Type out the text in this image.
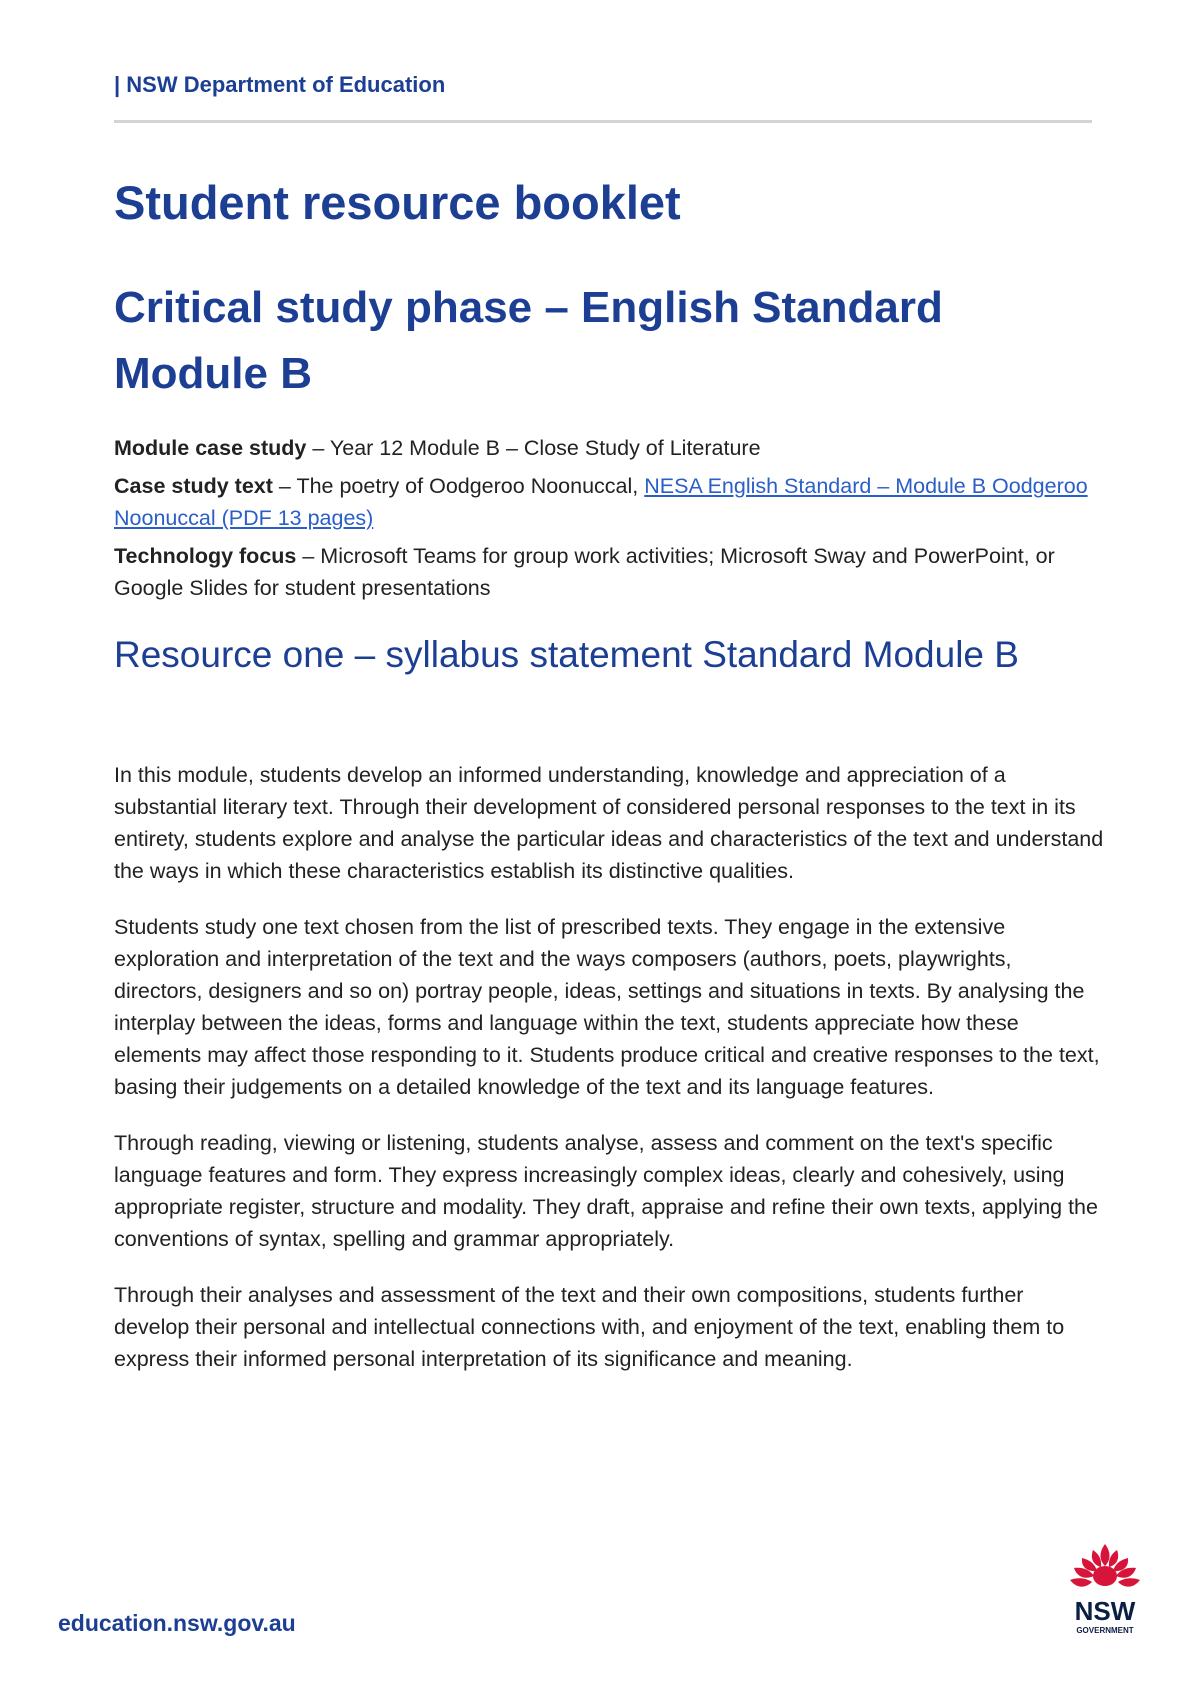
| NSW Department of Education
Student resource booklet
Critical study phase – English Standard Module B

Module case study – Year 12 Module B – Close Study of Literature

Case study text – The poetry of Oodgeroo Noonuccal, NESA English Standard – Module B Oodgeroo Noonuccal (PDF 13 pages)

Technology focus – Microsoft Teams for group work activities; Microsoft Sway and PowerPoint, or Google Slides for student presentations

Resource one – syllabus statement Standard Module B

In this module, students develop an informed understanding, knowledge and appreciation of a substantial literary text. Through their development of considered personal responses to the text in its entirety, students explore and analyse the particular ideas and characteristics of the text and understand the ways in which these characteristics establish its distinctive qualities.

Students study one text chosen from the list of prescribed texts. They engage in the extensive exploration and interpretation of the text and the ways composers (authors, poets, playwrights, directors, designers and so on) portray people, ideas, settings and situations in texts. By analysing the interplay between the ideas, forms and language within the text, students appreciate how these elements may affect those responding to it. Students produce critical and creative responses to the text, basing their judgements on a detailed knowledge of the text and its language features.

Through reading, viewing or listening, students analyse, assess and comment on the text's specific language features and form. They express increasingly complex ideas, clearly and cohesively, using appropriate register, structure and modality. They draft, appraise and refine their own texts, applying the conventions of syntax, spelling and grammar appropriately.

Through their analyses and assessment of the text and their own compositions, students further develop their personal and intellectual connections with, and enjoyment of the text, enabling them to express their informed personal interpretation of its significance and meaning.

education.nsw.gov.au	NSW
GOVERNMENT
